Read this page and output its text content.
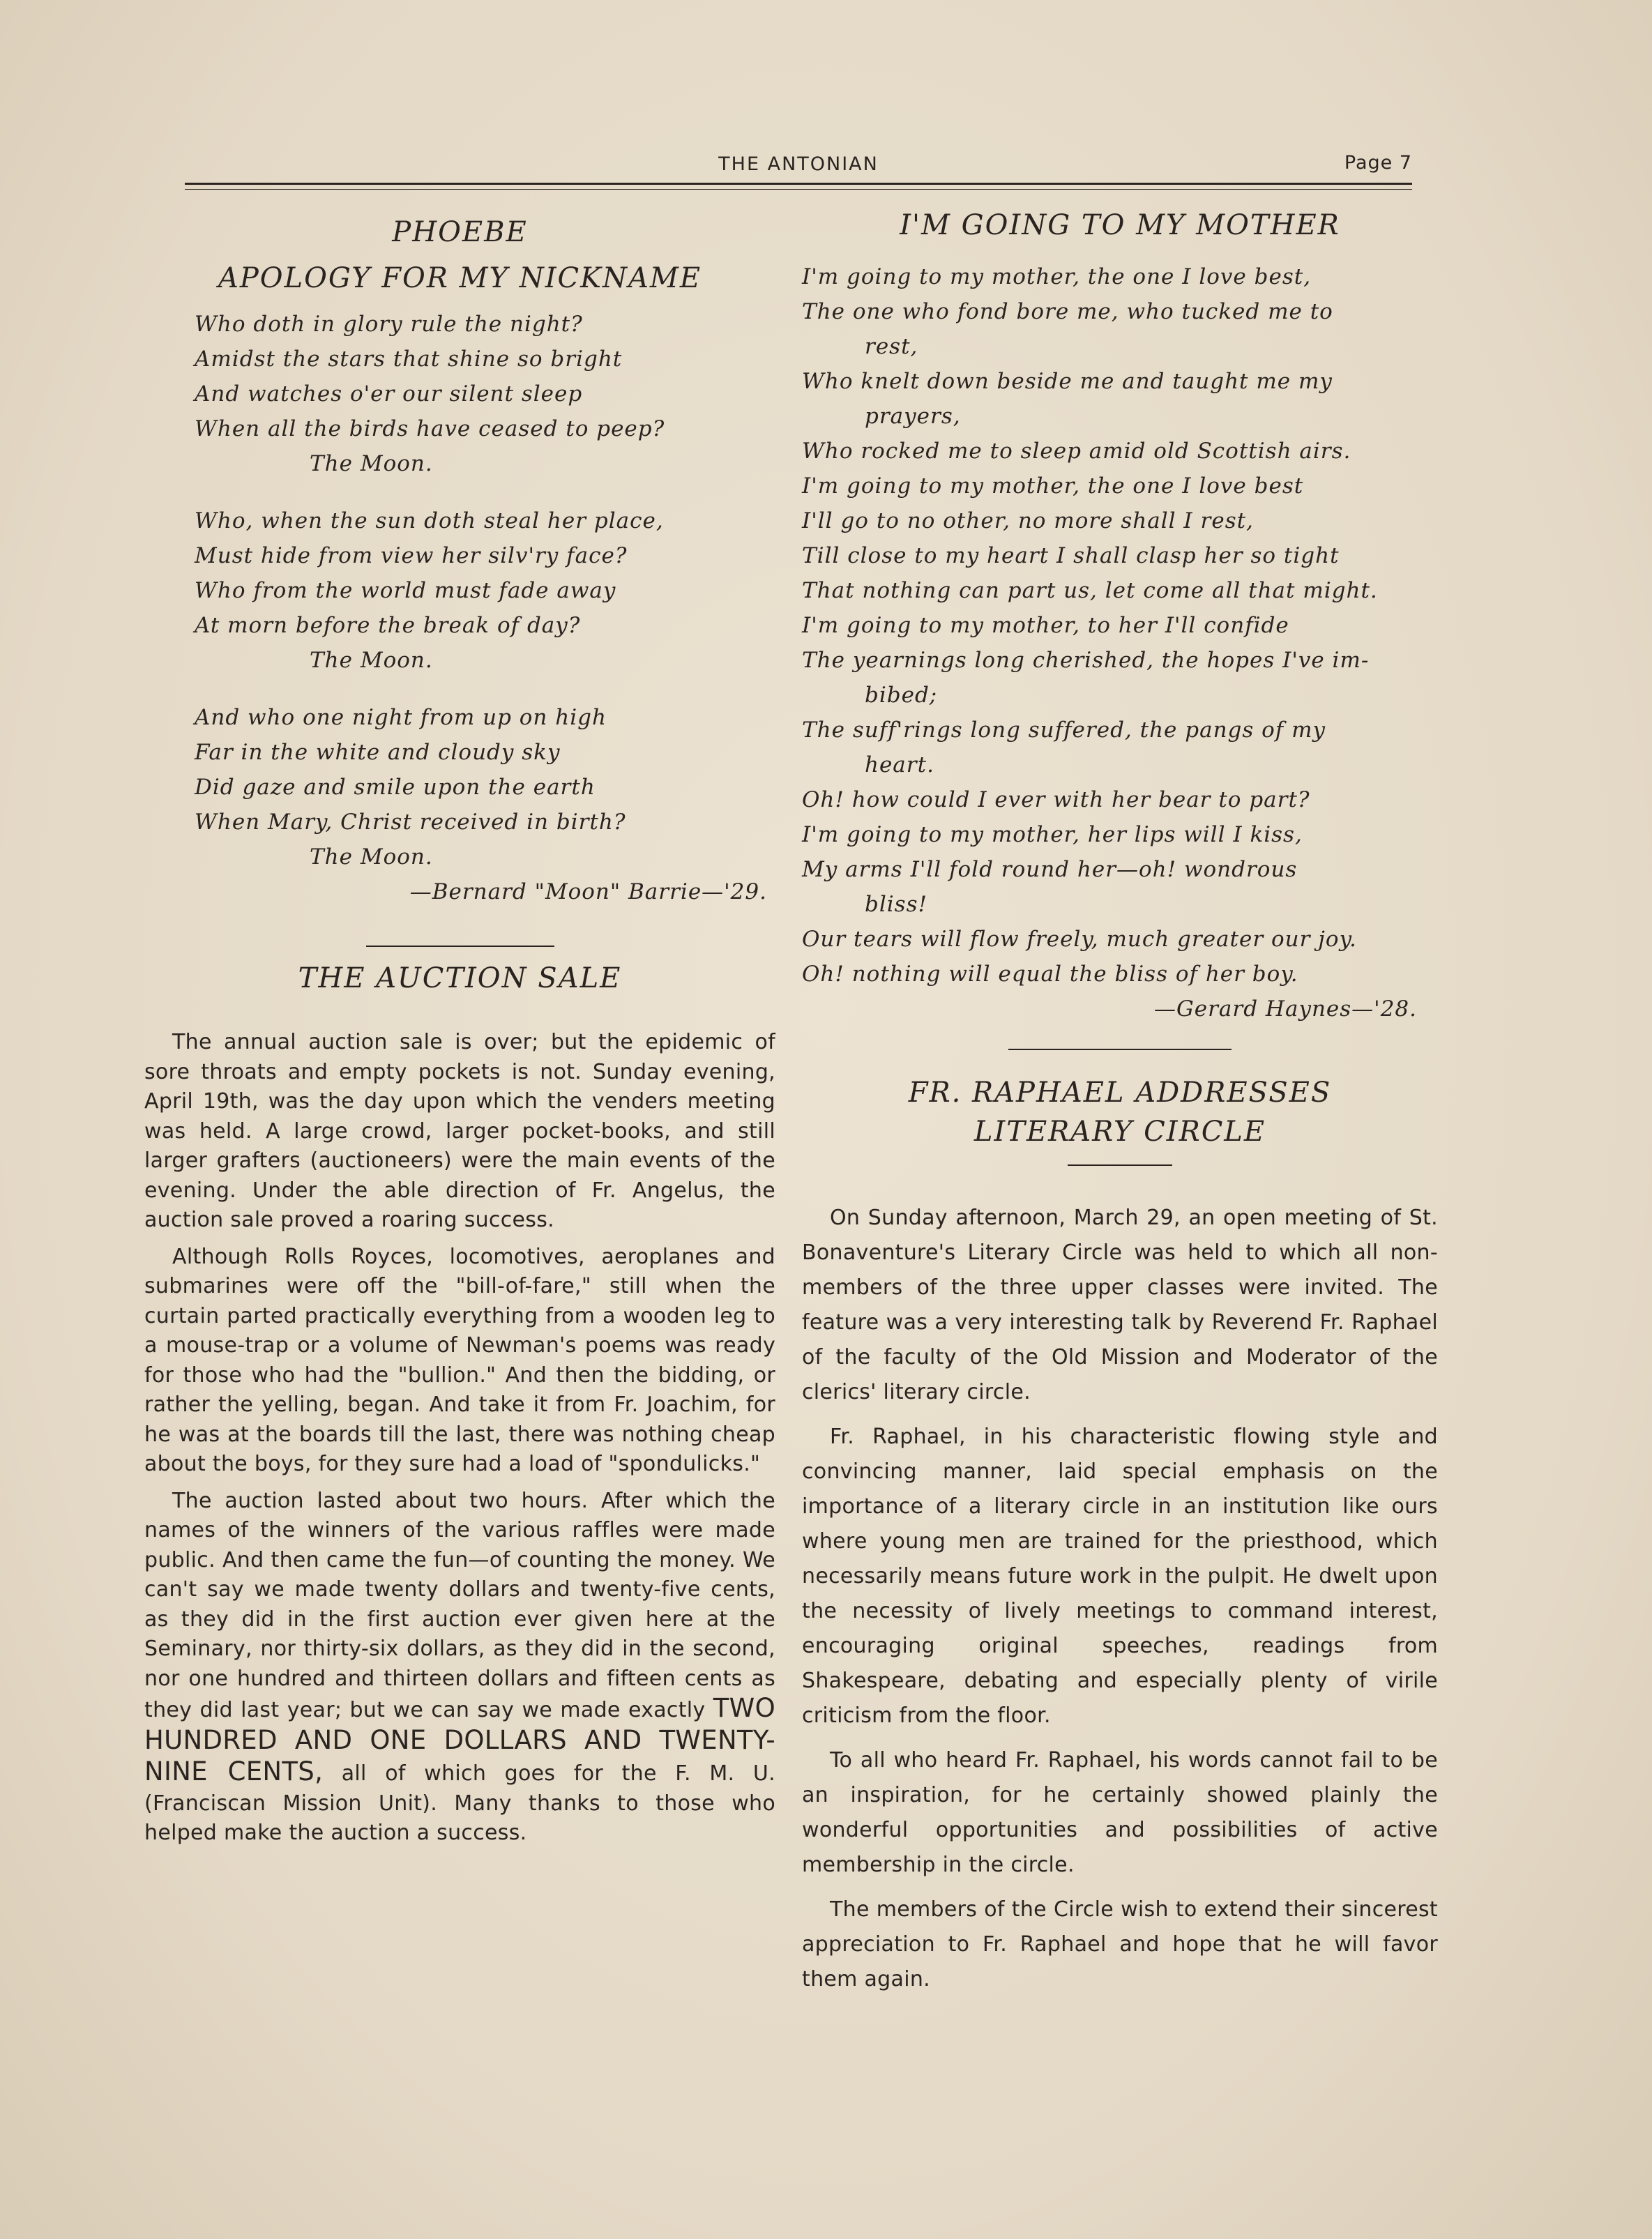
THE ANTONIAN	Page 7
PHOEBE
APOLOGY FOR MY NICKNAME

Who doth in glory rule the night?

Amidst the stars that shine so bright

And watches o'er our silent sleep

When all the birds have ceased to peep?

The Moon.

Who, when the sun doth steal her place,

Must hide from view her silv'ry face?

Who from the world must fade away

At morn before the break of day?

The Moon.

And who one night from up on high

Far in the white and cloudy sky

Did gaze and smile upon the earth

When Mary, Christ received in birth?

The Moon.

—Bernard "Moon" Barrie—'29.

THE AUCTION SALE

The annual auction sale is over; but the epidemic of sore throats and empty pockets is not. Sunday evening, April 19th, was the day upon which the venders meeting was held. A large crowd, larger pocket-books, and still larger grafters (auctioneers) were the main events of the evening. Under the able direction of Fr. Angelus, the auction sale proved a roaring success.

Although Rolls Royces, locomotives, aeroplanes and submarines were off the "bill-of-fare," still when the curtain parted practically everything from a wooden leg to a mouse-trap or a volume of Newman's poems was ready for those who had the "bullion." And then the bidding, or rather the yelling, began. And take it from Fr. Joachim, for he was at the boards till the last, there was nothing cheap about the boys, for they sure had a load of "spondulicks."

The auction lasted about two hours. After which the names of the winners of the various raffles were made public. And then came the fun—of counting the money. We can't say we made twenty dollars and twenty-five cents, as they did in the first auction ever given here at the Seminary, nor thirty-six dollars, as they did in the second, nor one hundred and thirteen dollars and fifteen cents as they did last year; but we can say we made exactly TWO HUNDRED AND ONE DOLLARS AND TWENTY-NINE CENTS, all of which goes for the F. M. U. (Franciscan Mission Unit). Many thanks to those who helped make the auction a success.

I'M GOING TO MY MOTHER

I'm going to my mother, the one I love best,

The one who fond bore me, who tucked me to

rest,

Who knelt down beside me and taught me my

prayers,

Who rocked me to sleep amid old Scottish airs.

I'm going to my mother, the one I love best

I'll go to no other, no more shall I rest,

Till close to my heart I shall clasp her so tight

That nothing can part us, let come all that might.

I'm going to my mother, to her I'll confide

The yearnings long cherished, the hopes I've im-

bibed;

The suff'rings long suffered, the pangs of my

heart.

Oh! how could I ever with her bear to part?

I'm going to my mother, her lips will I kiss,

My arms I'll fold round her—oh! wondrous

bliss!

Our tears will flow freely, much greater our joy.

Oh! nothing will equal the bliss of her boy.

—Gerard Haynes—'28.

FR. RAPHAEL ADDRESSES
LITERARY CIRCLE

On Sunday afternoon, March 29, an open meeting of St. Bonaventure's Literary Circle was held to which all non-members of the three upper classes were invited. The feature was a very interesting talk by Reverend Fr. Raphael of the faculty of the Old Mission and Moderator of the clerics' literary circle.

Fr. Raphael, in his characteristic flowing style and convincing manner, laid special emphasis on the importance of a literary circle in an institution like ours where young men are trained for the priesthood, which necessarily means future work in the pulpit. He dwelt upon the necessity of lively meetings to command interest, encouraging original speeches, readings from Shakespeare, debating and especially plenty of virile criticism from the floor.

To all who heard Fr. Raphael, his words cannot fail to be an inspiration, for he certainly showed plainly the wonderful opportunities and possibilities of active membership in the circle.

The members of the Circle wish to extend their sincerest appreciation to Fr. Raphael and hope that he will favor them again.
